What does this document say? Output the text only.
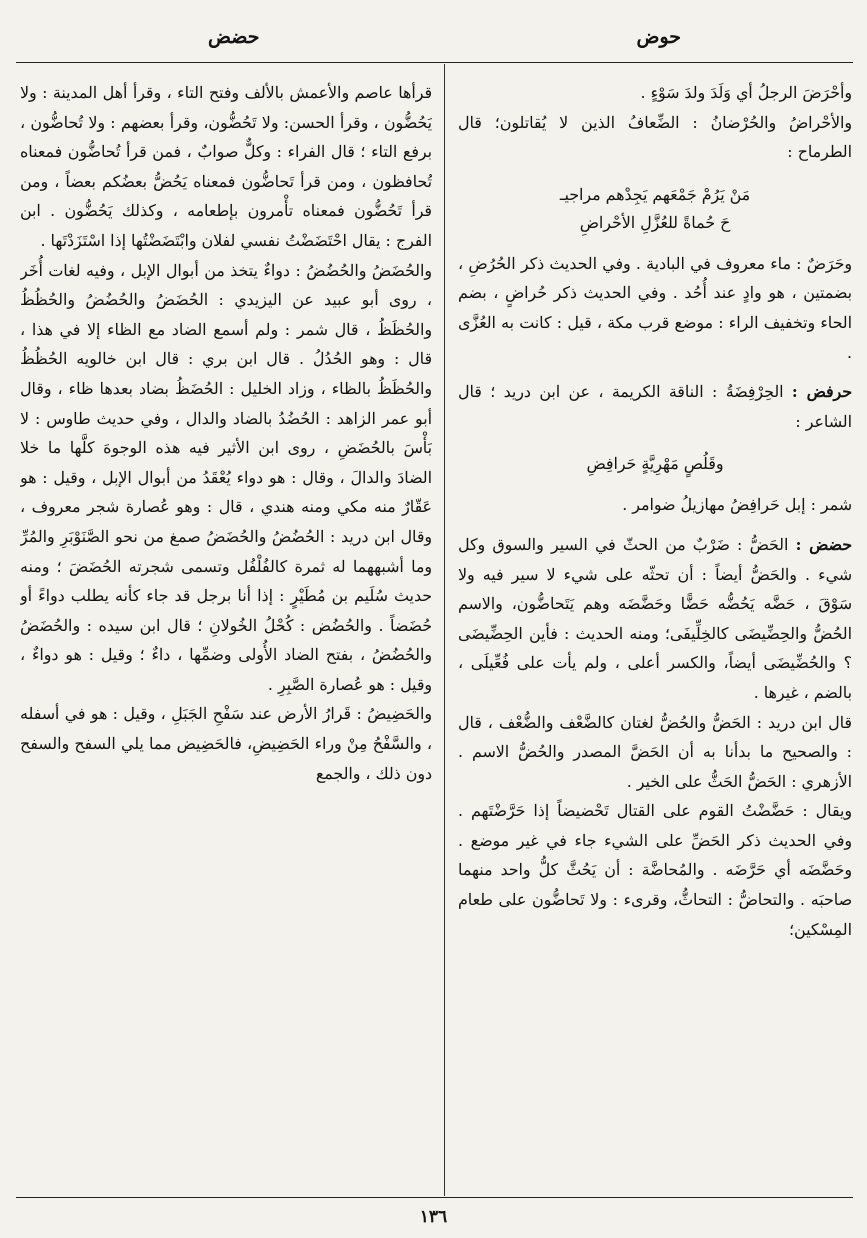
حوض
حضض

وأحْرَضَ الرجلُ أي وَلَدَ ولدَ سَوْءٍ .

والأحْراضُ والحُرْضانُ : الضِّعافُ الذين لا يُقاتلون؛ قال الطرماح :

مَنْ يَرُمْ جَمْعَهم يَجِدْهم مراجيـ

حَ حُماةً للعُزَّلِ الأحْراضِ

وحَرَضٌ : ماء معروف في البادية . وفي الحديث ذكر الحُرُضِ ، بضمتين ، هو وادٍ عند أُحُد . وفي الحديث ذكر حُراضٍ ، بضم الحاء وتخفيف الراء : موضع قرب مكة ، قيل : كانت به العُزَّى .

حرفض : الحِرْفِضَةُ : الناقة الكريمة ، عن ابن دريد ؛ قال الشاعر :

وقَلُصٍ مَهْرِيَّةٍ حَرافِضِ

شمر : إبل حَرافِضُ مهازيلُ ضوامر .

حضض : الحَضُّ : ضَرْبٌ من الحثّ في السير والسوق وكل شيء . والحَضُّ أيضاً : أن تحثّه على شيء لا سير فيه ولا سَوْقَ ، حَضَّه يَحُضُّه حَضًّا وحَضَّضَه وهم يَتَحاضُّون، والاسم الحُضُّ والحِضِّيضَى كالخِلِّيفَى؛ ومنه الحديث : فأين الحِضِّيضَى ؟ والحُضِّيضَى أيضاً، والكسر أعلى ، ولم يأت على فُعِّيلَى ، بالضم ، غيرها .

قال ابن دريد : الحَضُّ والحُضُّ لغتان كالضَّعْف والضُّعْف ، قال : والصحيح ما بدأنا به أن الحَضَّ المصدر والحُضُّ الاسم . الأزهري : الحَضُّ الحَثُّ على الخير .

ويقال : حَضَّضْتُ القوم على القتال تَحْضيضاً إذا حَرَّضْتَهم . وفي الحديث ذكر الحَضِّ على الشيء جاء في غير موضع . وحَضَّضَه أي حَرَّضَه . والمُحاضَّة : أن يَحُثَّ كلُّ واحد منهما صاحبَه . والتحاضُّ : التحاثُّ، وقرىء : ولا تَحاضُّون على طعام المِسْكين؛

قرأها عاصم والأعمش بالألف وفتح التاء ، وقرأ أهل المدينة : ولا يَحُضُّون ، وقرأ الحسن: ولا تَحُضُّون، وقرأ بعضهم : ولا تُحاضُّون ، برفع التاء ؛ قال الفراء : وكلٌّ صوابٌ ، فمن قرأ تُحاضُّون فمعناه تُحافظون ، ومن قرأ تَحاضُّون فمعناه يَحُضُّ بعضُكم بعضاً ، ومن قرأ تَحُضُّون فمعناه تأْمرون بإطعامه ، وكذلك يَحُضُّون . ابن الفرج : يقال احْتَضَضْتُ نفسي لفلان وابْتَضَضْتُها إذا اسْتَزَدْتَها .

والحُضَضُ والحُضُضُ : دواءٌ يتخذ من أبوال الإبل ، وفيه لغات أُخَر ، روى أبو عبيد عن اليزيدي : الحُضَضُ والحُضُضُ والحُظُظُ والحُظَظُ ، قال شمر : ولم أسمع الضاد مع الظاء إلا في هذا ، قال : وهو الحُدُلُ . قال ابن بري : قال ابن خالويه الحُظُظُ والحُظَظُ بالظاء ، وزاد الخليل : الحُضَظُ بضاد بعدها ظاء ، وقال أبو عمر الزاهد : الحُضُدُ بالضاد والدال ، وفي حديث طاوس : لا بَأْسَ بالحُضَضِ ، روى ابن الأثير فيه هذه الوجوهَ كلَّها ما خلا الضادَ والدالَ ، وقال : هو دواء يُعْقَدُ من أبوال الإبل ، وقيل : هو عَقّارٌ منه مكي ومنه هندي ، قال : وهو عُصارة شجر معروف ، وقال ابن دريد : الحُضُضُ والحُضَضُ صمغ من نحو الصَّنَوْبَرِ والمُرِّ وما أشبههما له ثمرة كالفُلْفُل وتسمى شجرته الحُضَضَ ؛ ومنه حديث سُلَيم بن مُطَيْرٍ : إذا أنا برجل قد جاء كأنه يطلب دواءً أو حُضَضاً . والحُضُض : كُحْلُ الخُولانِ ؛ قال ابن سيده : والحُضَضُ والحُضُضُ ، بفتح الضاد الأُولى وضمِّها ، داءٌ ؛ وقيل : هو دواءٌ ، وقيل : هو عُصارة الصَّبِرِ .

والحَضِيضُ : قَرارُ الأرض عند سَفْحِ الجَبَلِ ، وقيل : هو في أسفله ، والسَّفْحُ مِنْ وراء الحَضِيضِ، فالحَضِيض مما يلي السفح والسفح دون ذلك ، والجمع

١٣٦
